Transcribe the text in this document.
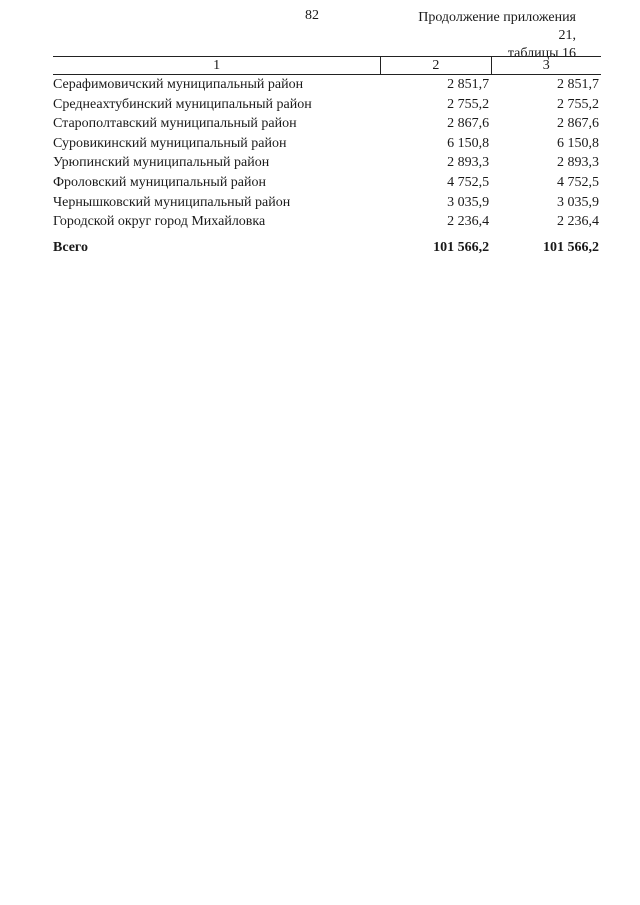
82	Продолжение приложения 21,
таблицы 16
1	2	3
Серафимовичский муниципальный район	2 851,7	2 851,7
Среднеахтубинский муниципальный район	2 755,2	2 755,2
Старополтавский муниципальный район	2 867,6	2 867,6
Суровикинский муниципальный район	6 150,8	6 150,8
Урюпинский муниципальный район	2 893,3	2 893,3
Фроловский муниципальный район	4 752,5	4 752,5
Чернышковский муниципальный район	3 035,9	3 035,9
Городской округ город Михайловка	2 236,4	2 236,4
Всего	101 566,2	101 566,2
